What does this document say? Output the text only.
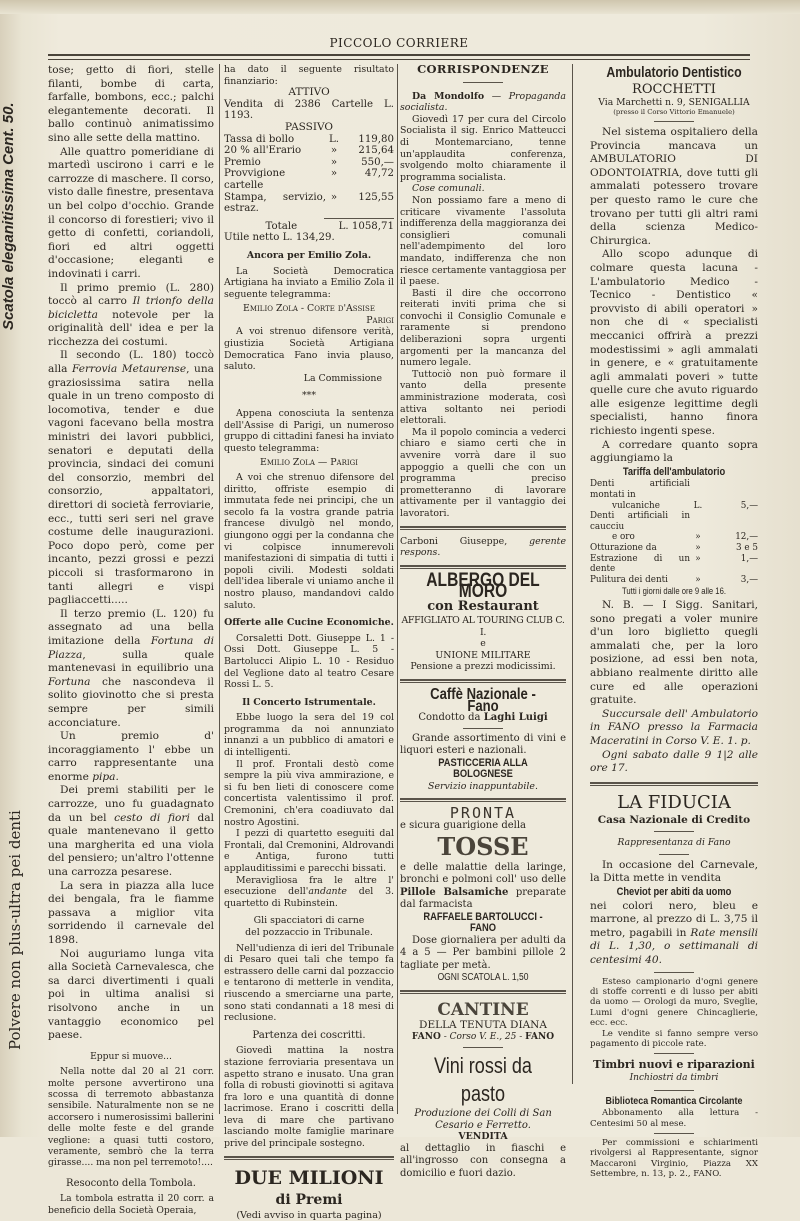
Scatola eleganitissima Cent. 50.
Polvere non plus-ultra pei denti
PICCOLO CORRIERE

tose; getto di fiori, stelle filanti, bombe di carta, farfalle, bombons, ecc.; palchi elegantemente decorati. Il ballo continuò animatissimo sino alle sette della mattino.

Alle quattro pomeridiane di martedì uscirono i carri e le carrozze di maschere. Il corso, visto dalle finestre, presentava un bel colpo d'occhio. Grande il concorso di forestieri; vivo il getto di confetti, coriandoli, fiori ed altri oggetti d'occasione; eleganti e indovinati i carri.

Il primo premio (L. 280) toccò al carro Il trionfo della bicicletta notevole per la originalità dell' idea e per la ricchezza dei costumi.

Il secondo (L. 180) toccò alla Ferrovia Metaurense, una graziosissima satira nella quale in un treno composto di locomotiva, tender e due vagoni facevano bella mostra ministri dei lavori pubblici, senatori e deputati della provincia, sindaci dei comuni del consorzio, membri del consorzio, appaltatori, direttori di società ferroviarie, ecc., tutti seri seri nel grave costume delle inaugurazioni. Poco dopo però, come per incanto, pezzi grossi e pezzi piccoli si trasformarono in tanti allegri e vispi pagliaccetti.....

Il terzo premio (L. 120) fu assegnato ad una bella imitazione della Fortuna di Piazza, sulla quale mantenevasi in equilibrio una Fortuna che nascondeva il solito giovinotto che si presta sempre per simili acconciature.

Un premio d' incoraggiamento l' ebbe un carro rappresentante una enorme pipa.

Dei premi stabiliti per le carrozze, uno fu guadagnato da un bel cesto di fiori dal quale mantenevano il getto una margherita ed una viola del pensiero; un'altro l'ottenne una carrozza pesarese.

La sera in piazza alla luce dei bengala, fra le fiamme passava a miglior vita sorridendo il carnevale del 1898.

Noi auguriamo lunga vita alla Società Carnevalesca, che sa darci divertimenti i quali poi in ultima analisi si risolvono anche in un vantaggio economico pel paese.

Eppur si muove...

Nella notte dal 20 al 21 corr. molte persone avvertirono una scossa di terremoto abbastanza sensibile. Naturalmente non se ne accorsero i numerosissimi ballerini delle molte feste e del grande veglione: a quasi tutti costoro, veramente, sembrò che la terra girasse.... ma non pel terremoto!....

Resoconto della Tombola.

La tombola estratta il 20 corr. a beneficio della Società Operaia,

ha dato il seguente risultato finanziario:

ATTIVO

Vendita di 2386 Cartelle L. 1193.

PASSIVO

Tassa di bollo	L.	119,80
20 % all'Erario	»	215,64
Premio	»	550,—
Provvigione cartelle
»	47,72
Stampa, servizio, estraz.
»	125,55
Totale	L. 1058,71

Utile netto L. 134,29.

Ancora per Emilio Zola.

La Società Democratica Artigiana ha inviato a Emilio Zola il seguente telegramma:

Emilio Zola - Corte d'Assise

Parigi

A voi strenuo difensore verità, giustizia Società Artigiana Democratica Fano invia plauso, saluto.

La Commissione

***

Appena conosciuta la sentenza dell'Assise di Parigi, un numeroso gruppo di cittadini fanesi ha inviato questo telegramma:

Emilio Zola — Parigi

A voi che strenuo difensore del diritto, offriste esempio di immutata fede nei principi, che un secolo fa la vostra grande patria francese divulgò nel mondo, giungono oggi per la condanna che vi colpisce innumerevoli manifestazioni di simpatia di tutti i popoli civili. Modesti soldati dell'idea liberale vi uniamo anche il nostro plauso, mandandovi caldo saluto.

Offerte alle Cucine Economiche.

Corsaletti Dott. Giuseppe L. 1 - Ossi Dott. Giuseppe L. 5 - Bartolucci Alipio L. 10 - Residuo del Veglione dato al teatro Cesare Rossi L. 5.

Il Concerto Istrumentale.

Ebbe luogo la sera del 19 col programma da noi annunziato innanzi a un pubblico di amatori e di intelligenti.

Il prof. Frontali destò come sempre la più viva ammirazione, e si fu ben lieti di conoscere come concertista valentissimo il prof. Cremonini, ch'era coadiuvato dal nostro Agostini.

I pezzi di quartetto eseguiti dal Frontali, dal Cremonini, Aldrovandi e Antiga, furono tutti applauditissimi e parecchi bissati.

Meravigliosa fra le altre l' esecuzione dell'andante del 3. quartetto di Rubinstein.

Gli spacciatori di carne

del pozzaccio in Tribunale.

Nell'udienza di ieri del Tribunale di Pesaro quei tali che tempo fa estrassero delle carni dal pozzaccio e tentarono di metterle in vendita, riuscendo a smerciarne una parte, sono stati condannati a 18 mesi di reclusione.

Partenza dei coscritti.

Giovedì mattina la nostra stazione ferroviaria presentava un aspetto strano e inusato. Una gran folla di robusti giovinotti si agitava fra loro e una quantità di donne lacrimose. Erano i coscritti della leva di mare che partivano lasciando molte famiglie marinare prive del principale sostegno.

DUE MILIONI

di Premi

(Vedi avviso in quarta pagina)

CORRISPONDENZE

Da Mondolfo — Propaganda socialista.

Giovedì 17 per cura del Circolo Socialista il sig. Enrico Matteucci di Montemarciano, tenne un'applaudita conferenza, svolgendo molto chiaramente il programma socialista.

Cose comunali.

Non possiamo fare a meno di criticare vivamente l'assoluta indifferenza della maggioranza dei consiglieri comunali nell'adempimento del loro mandato, indifferenza che non riesce certamente vantaggiosa per il paese.

Basti il dire che occorrono reiterati inviti prima che si convochi il Consiglio Comunale e raramente si prendono deliberazioni sopra urgenti argomenti per la mancanza del numero legale.

Tuttociò non può formare il vanto della presente amministrazione moderata, così attiva soltanto nei periodi elettorali.

Ma il popolo comincia a vederci chiaro e siamo certi che in avvenire vorrà dare il suo appoggio a quelli che con un programma preciso prometteranno di lavorare attivamente per il vantaggio dei lavoratori.

Carboni Giuseppe, gerente respons.

ALBERGO DEL MORO

con Restaurant

AFFIGLIATO AL TOURING CLUB C. I.

e

UNIONE MILITARE

Pensione a prezzi modicissimi.

Caffè Nazionale - Fano

Condotto da Laghi Luigi

Grande assortimento di vini e liquori esteri e nazionali.

PASTICCERIA ALLA BOLOGNESE

Servizio inappuntabile.

PRONTA

e sicura guarigione della

TOSSE

e delle malattie della laringe, bronchi e polmoni coll' uso delle Pillole Balsamiche preparate dal farmacista

RAFFAELE BARTOLUCCI - FANO

Dose giornaliera per adulti da 4 a 5 — Per bambini pillole 2 tagliate per metà.

OGNI SCATOLA L. 1,50

CANTINE

DELLA TENUTA DIANA

FANO - Corso V. E., 25 - FANO

Vini rossi da pasto

Produzione dei Colli di San Cesario e Ferretto.

VENDITA

al dettaglio in fiaschi e all'ingrosso con consegna a domicilio e fuori dazio.

Ambulatorio Dentistico

ROCCHETTI

Via Marchetti n. 9, SENIGALLIA

(presso il Corso Vittorio Emanuele)

Nel sistema ospitaliero della Provincia mancava un AMBULATORIO DI ODONTOIATRIA, dove tutti gli ammalati potessero trovare per questo ramo le cure che trovano per tutti gli altri rami della scienza Medico-Chirurgica.

Allo scopo adunque di colmare questa lacuna - L'ambulatorio Medico - Tecnico - Dentistico « provvisto di abili operatori » non che di « specialisti meccanici offrirà a prezzi modestissimi » agli ammalati in genere, e « gratuitamente agli ammalati poveri » tutte quelle cure che avuto riguardo alle esigenze legittime degli specialisti, hanno finora richiesto ingenti spese.

A corredare quanto sopra aggiungiamo la

Tariffa dell'ambulatorio
Denti artificiali montati in
vulcaniche	L.	5,—
Denti artificiali in caucciu
e oro	»	12,—
Otturazione da	»	3 e 5
Estrazione di un dente
»	1,—
Pulitura dei denti	»	3,—
Tutti i giorni dalle ore 9 alle 16.

N. B. — I Sigg. Sanitari, sono pregati a voler munire d'un loro biglietto quegli ammalati che, per la loro posizione, ad essi ben nota, abbiano realmente diritto alle cure ed alle operazioni gratuite.

Succursale dell' Ambulatorio in FANO presso la Farmacia Maceratini in Corso V. E. 1. p.

Ogni sabato dalle 9 1|2 alle ore 17.

LA FIDUCIA

Casa Nazionale di Credito

Rappresentanza di Fano

In occasione del Carnevale, la Ditta mette in vendita

Cheviot per abiti da uomo

nei colori nero, bleu e marrone, al prezzo di L. 3,75 il metro, pagabili in Rate mensili di L. 1,30, o settimanali di centesimi 40.

Esteso campionario d'ogni genere di stoffe correnti e di lusso per abiti da uomo — Orologi da muro, Sveglie, Lumi d'ogni genere Chincaglierie, ecc. ecc.

Le vendite si fanno sempre verso pagamento di piccole rate.

Timbri nuovi e riparazioni

Inchiostri da timbri

Biblioteca Romantica Circolante

Abbonamento alla lettura - Centesimi 50 al mese.

Per commissioni e schiarimenti rivolgersi al Rappresentante, signor Maccaroni Virginio, Piazza XX Settembre, n. 13, p. 2., FANO.
